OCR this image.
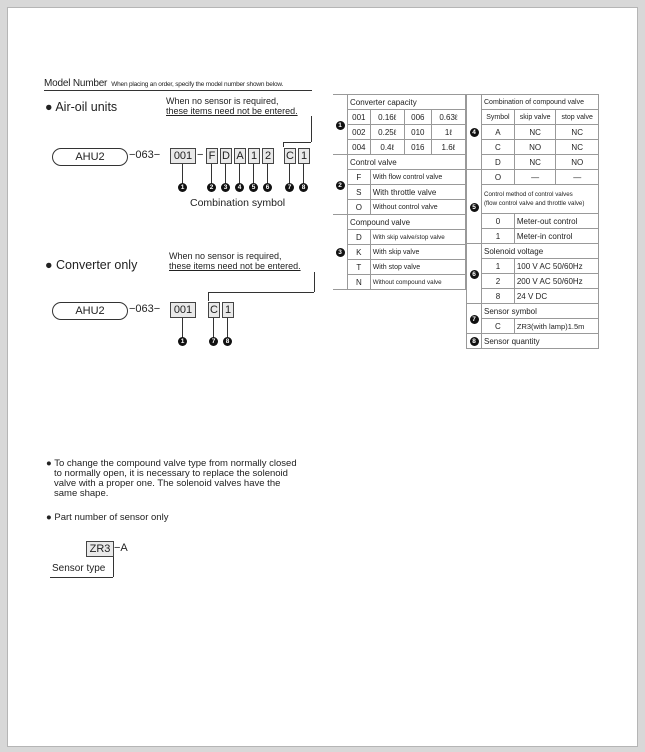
Model Number When placing an order, specify the model number shown below.
● Air-oil units	When no sensor is required,
these items need not be entered.
AHU2	−063−	001 − F D A 1 2 C 1
1	2	3	4	5	6	7	8
Combination symbol
● Converter only
When no sensor is required,
these items need not be entered.
AHU2	−063−	001	C 1
1	7	8
1	Converter capacity			
	001	0.16ℓ	006	0.63ℓ
	002	0.25ℓ	010	1ℓ
	004	0.4ℓ	016	1.6ℓ
2	Control valve			
	F	With flow control valve		
	S	With throttle valve		
	O	Without control valve		
3	Compound valve			
	D	With skip valve/stop valve		
	K	With skip valve		
	T	With stop valve		
	N	Without compound valve		
4	Combination of compound valve		
	Symbol	skip valve	stop valve
	A	NC	NC
	C	NO	NC
	D	NC	NO
5	O	—	—

	Control method of control valves
(flow control valve and throttle valve)		

	0	Meter-out control	
	1	Meter-in control	
6	Solenoid voltage		
	1	100 V AC 50/60Hz	
	2	200 V AC 50/60Hz	
	8	24 V DC	
7	Sensor symbol		
	C	ZR3(with lamp)1.5m	
8	Sensor quantity		
● To change the compound valve type from normally closed
to normally open, it is necessary to replace the solenoid
valve with a proper one. The solenoid valves have the
same shape.
● Part number of sensor only
ZR3 −A
Sensor type
